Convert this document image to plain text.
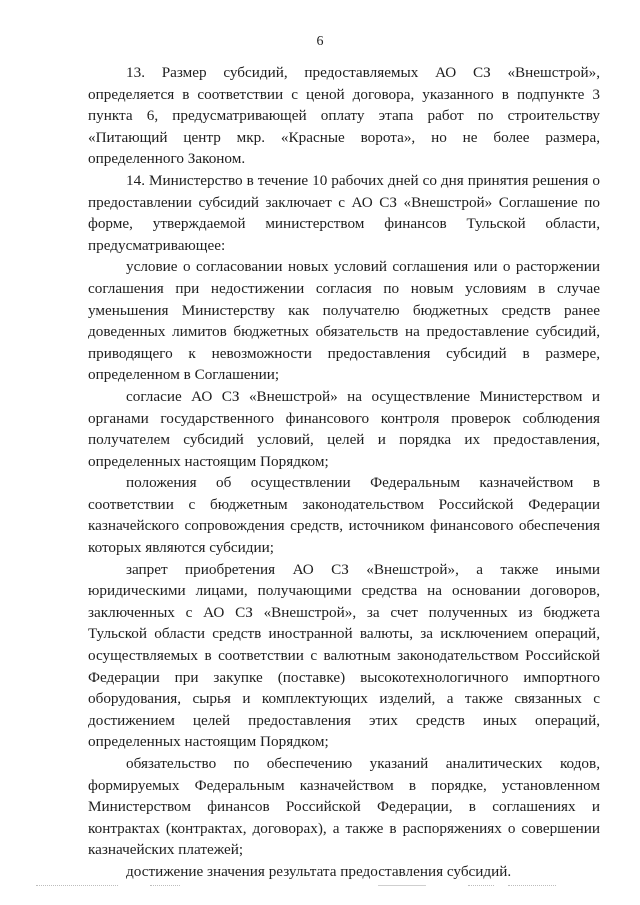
6

13. Размер субсидий, предоставляемых АО СЗ «Внешстрой», определяется в соответствии с ценой договора, указанного в подпункте 3 пункта 6, предусматривающей оплату этапа работ по строительству «Питающий центр мкр. «Красные ворота», но не более размера, определенного Законом.

14. Министерство в течение 10 рабочих дней со дня принятия решения о предоставлении субсидий заключает с АО СЗ «Внешстрой» Соглашение по форме, утверждаемой министерством финансов Тульской области, предусматривающее:

условие о согласовании новых условий соглашения или о расторжении соглашения при недостижении согласия по новым условиям в случае уменьшения Министерству как получателю бюджетных средств ранее доведенных лимитов бюджетных обязательств на предоставление субсидий, приводящего к невозможности предоставления субсидий в размере, определенном в Соглашении;

согласие АО СЗ «Внешстрой» на осуществление Министерством и органами государственного финансового контроля проверок соблюдения получателем субсидий условий, целей и порядка их предоставления, определенных настоящим Порядком;

положения об осуществлении Федеральным казначейством в соответствии с бюджетным законодательством Российской Федерации казначейского сопровождения средств, источником финансового обеспечения которых являются субсидии;

запрет приобретения АО СЗ «Внешстрой», а также иными юридическими лицами, получающими средства на основании договоров, заключенных с АО СЗ «Внешстрой», за счет полученных из бюджета Тульской области средств иностранной валюты, за исключением операций, осуществляемых в соответствии с валютным законодательством Российской Федерации при закупке (поставке) высокотехнологичного импортного оборудования, сырья и комплектующих изделий, а также связанных с достижением целей предоставления этих средств иных операций, определенных настоящим Порядком;

обязательство по обеспечению указаний аналитических кодов, формируемых Федеральным казначейством в порядке, установленном Министерством финансов Российской Федерации, в соглашениях и контрактах (контрактах, договорах), а также в распоряжениях о совершении казначейских платежей;

достижение значения результата предоставления субсидий.
